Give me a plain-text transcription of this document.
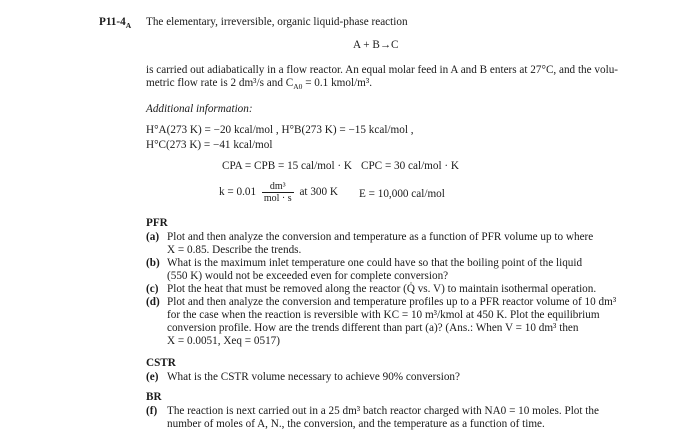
$P11-4_A$ The elementary, irreversible, organic liquid-phase reaction
A + B→C
is carried out adiabatically in a flow reactor. An equal molar feed in A and B enters at 27°C, and the volu-
metric flow rate is 2 dm³/s and $C_{A0} = 0.1$ kmol/m³.
Additional information:
H°A(273 K) = −20 kcal/mol , H°B(273 K) = −15 kcal/mol ,
H°C(273 K) = −41 kcal/mol
CPA = CPB = 15 cal/mol · K CPC = 30 cal/mol · K
$k = 0.01 \frac{\text{dm³}}{\text{mol · s}}$ at 300 K E = 10,000 cal/mol
PFR
(a) Plot and then analyze the conversion and temperature as a function of PFR volume up to where
X = 0.85. Describe the trends.
(b) What is the maximum inlet temperature one could have so that the boiling point of the liquid
(550 K) would not be exceeded even for complete conversion?
(c) Plot the heat that must be removed along the reactor (Q̇ vs. V) to maintain isothermal operation.
(d) Plot and then analyze the conversion and temperature profiles up to a PFR reactor volume of 10 dm³
for the case when the reaction is reversible with KC = 10 m³/kmol at 450 K. Plot the equilibrium
conversion profile. How are the trends different than part (a)? (Ans.: When V = 10 dm³ then
X = 0.0051, Xeq = 0517)
CSTR
(e) What is the CSTR volume necessary to achieve 90% conversion?
BR
(f) The reaction is next carried out in a 25 dm³ batch reactor charged with NA0 = 10 moles. Plot the
number of moles of A, N., the conversion, and the temperature as a function of time.
